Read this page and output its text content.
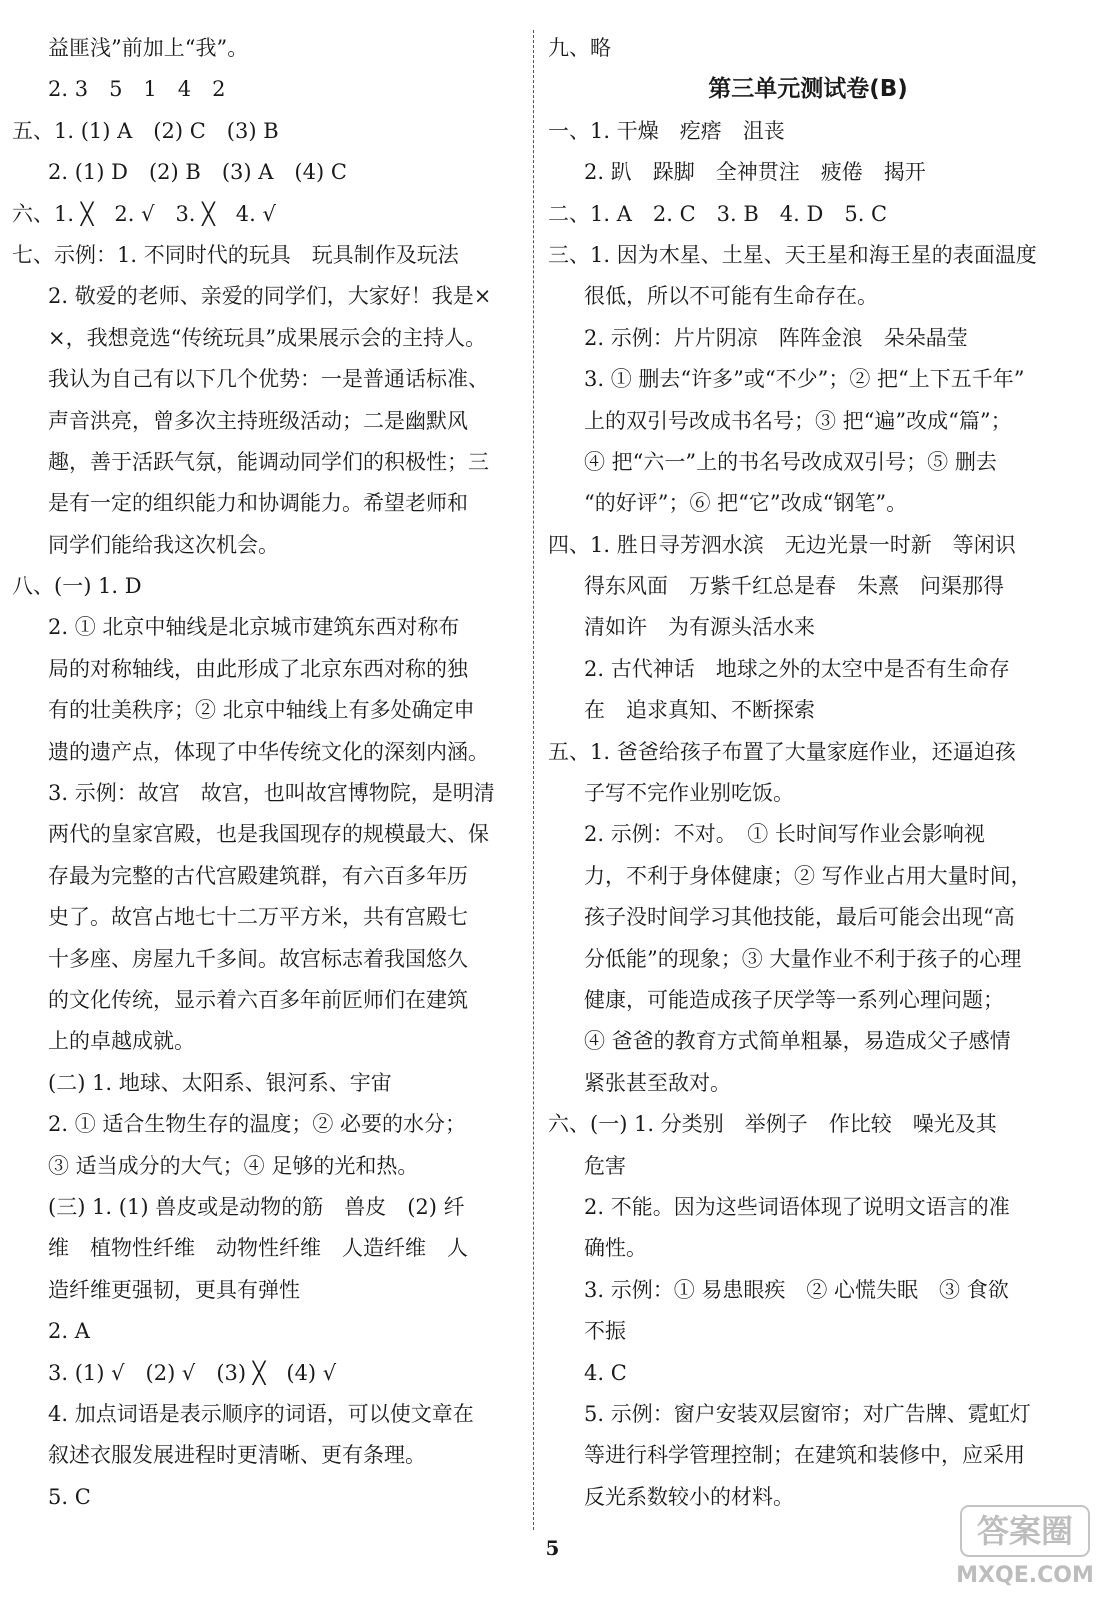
益匪浅”前加上“我”。
2. 3　5　1　4　2
五、1. (1) A　(2) C　(3) B
2. (1) D　(2) B　(3) A　(4) C
六、1. ╳　2. √　3. ╳　4. √
七、示例：1. 不同时代的玩具　玩具制作及玩法
2. 敬爱的老师、亲爱的同学们，大家好！我是×
×，我想竞选“传统玩具”成果展示会的主持人。
我认为自己有以下几个优势：一是普通话标准、
声音洪亮，曾多次主持班级活动；二是幽默风
趣，善于活跃气氛，能调动同学们的积极性；三
是有一定的组织能力和协调能力。希望老师和
同学们能给我这次机会。
八、(一) 1. D
2. ① 北京中轴线是北京城市建筑东西对称布
局的对称轴线，由此形成了北京东西对称的独
有的壮美秩序；② 北京中轴线上有多处确定申
遗的遗产点，体现了中华传统文化的深刻内涵。
3. 示例：故宫　故宫，也叫故宫博物院，是明清
两代的皇家宫殿，也是我国现存的规模最大、保
存最为完整的古代宫殿建筑群，有六百多年历
史了。故宫占地七十二万平方米，共有宫殿七
十多座、房屋九千多间。故宫标志着我国悠久
的文化传统，显示着六百多年前匠师们在建筑
上的卓越成就。
(二) 1. 地球、太阳系、银河系、宇宙
2. ① 适合生物生存的温度；② 必要的水分；
③ 适当成分的大气；④ 足够的光和热。
(三) 1. (1) 兽皮或是动物的筋　兽皮　(2) 纤
维　植物性纤维　动物性纤维　人造纤维　人
造纤维更强韧，更具有弹性
2. A
3. (1) √　(2) √　(3) ╳　(4) √
4. 加点词语是表示顺序的词语，可以使文章在
叙述衣服发展进程时更清晰、更有条理。
5. C
九、略
第三单元测试卷(B)
一、1. 干燥　疙瘩　沮丧
2. 趴　跺脚　全神贯注　疲倦　揭开
二、1. A　2. C　3. B　4. D　5. C
三、1. 因为木星、土星、天王星和海王星的表面温度
很低，所以不可能有生命存在。
2. 示例：片片阴凉　阵阵金浪　朵朵晶莹
3. ① 删去“许多”或“不少”；② 把“上下五千年”
上的双引号改成书名号；③ 把“遍”改成“篇”；
④ 把“六一”上的书名号改成双引号；⑤ 删去
“的好评”；⑥ 把“它”改成“钢笔”。
四、1. 胜日寻芳泗水滨　无边光景一时新　等闲识
得东风面　万紫千红总是春　朱熹　问渠那得
清如许　为有源头活水来
2. 古代神话　地球之外的太空中是否有生命存
在　追求真知、不断探索
五、1. 爸爸给孩子布置了大量家庭作业，还逼迫孩
子写不完作业别吃饭。
2. 示例：不对。　① 长时间写作业会影响视
力，不利于身体健康；② 写作业占用大量时间，
孩子没时间学习其他技能，最后可能会出现“高
分低能”的现象；③ 大量作业不利于孩子的心理
健康，可能造成孩子厌学等一系列心理问题；
④ 爸爸的教育方式简单粗暴，易造成父子感情
紧张甚至敌对。
六、(一) 1. 分类别　举例子　作比较　噪光及其
危害
2. 不能。因为这些词语体现了说明文语言的准
确性。
3. 示例：① 易患眼疾　② 心慌失眠　③ 食欲
不振
4. C
5. 示例：窗户安装双层窗帘；对广告牌、霓虹灯
等进行科学管理控制；在建筑和装修中，应采用
反光系数较小的材料。
5	答案圈
MXQE.COM
